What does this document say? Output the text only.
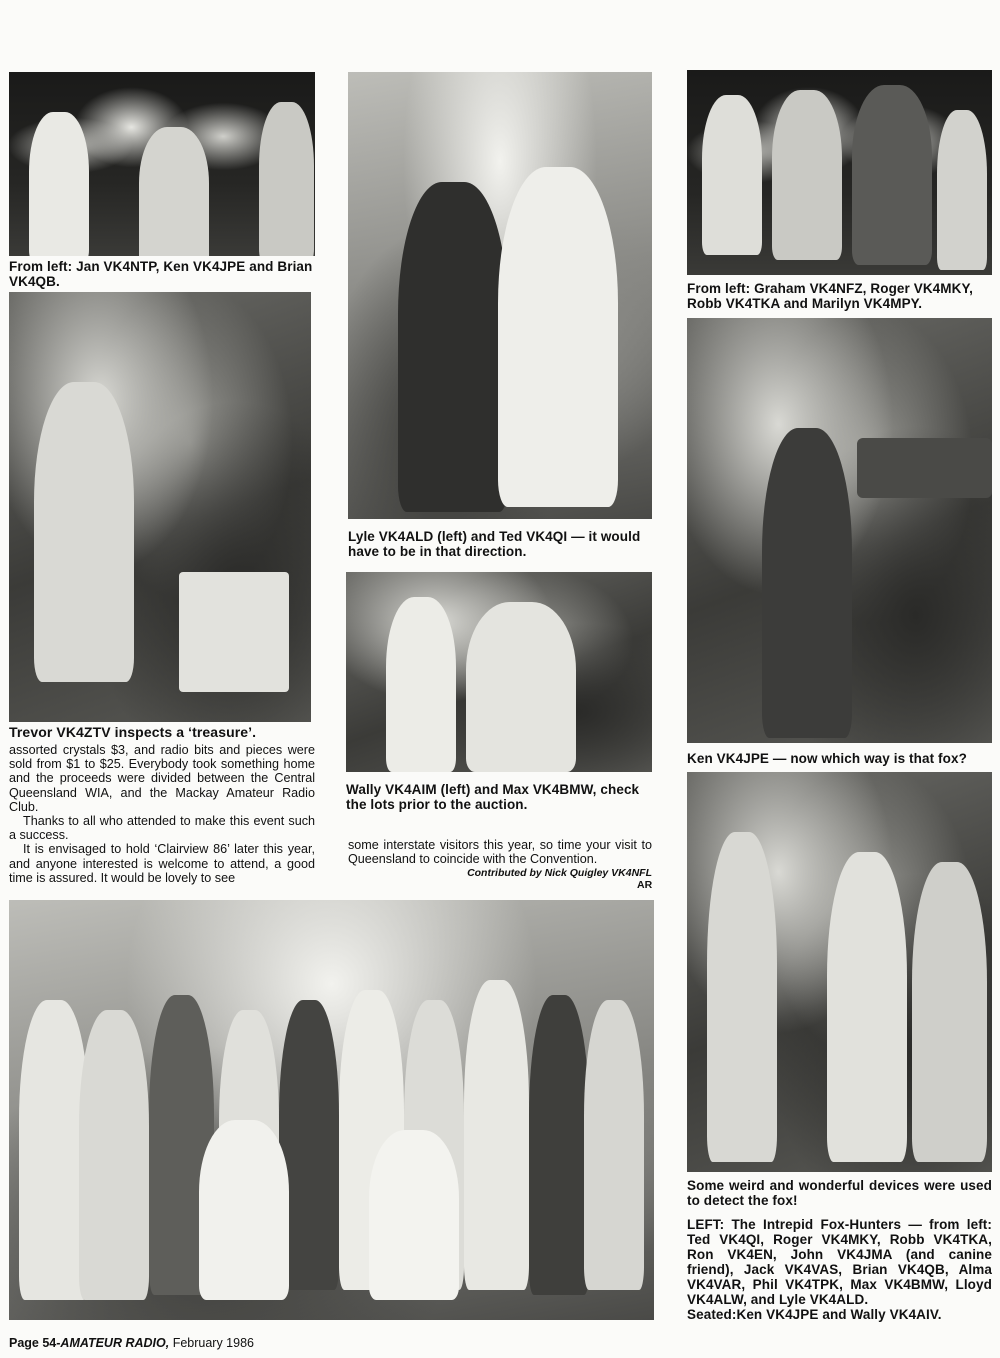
From left: Jan VK4NTP, Ken VK4JPE and Brian VK4QB.
Trevor VK4ZTV inspects a ‘treasure’.

assorted crystals $3, and radio bits and pieces were sold from $1 to $25. Everybody took something home and the proceeds were divided between the Central Queensland WIA, and the Mackay Amateur Radio Club.

Thanks to all who attended to make this event such a success.

It is envisaged to hold ‘Clairview 86’ later this year, and anyone interested is welcome to attend, a good time is assured. It would be lovely to see

some interstate visitors this year, so time your visit to Queensland to coincide with the Convention.

Contributed by Nick Quigley VK4NFL
AR
Lyle VK4ALD (left) and Ted VK4QI — it would have to be in that direction.
Wally VK4AIM (left) and Max VK4BMW, check the lots prior to the auction.
From left: Graham VK4NFZ, Roger VK4MKY, Robb VK4TKA and Marilyn VK4MPY.
Ken VK4JPE — now which way is that fox?
Some weird and wonderful devices were used to detect the fox!
LEFT: The Intrepid Fox-Hunters — from left: Ted VK4QI, Roger VK4MKY, Robb VK4TKA, Ron VK4EN, John VK4JMA (and canine friend), Jack VK4VAS, Brian VK4QB, Alma VK4VAR, Phil VK4TPK, Max VK4BMW, Lloyd VK4ALW, and Lyle VK4ALD.
Seated:Ken VK4JPE and Wally VK4AIV.
Page 54-AMATEUR RADIO, February 1986
